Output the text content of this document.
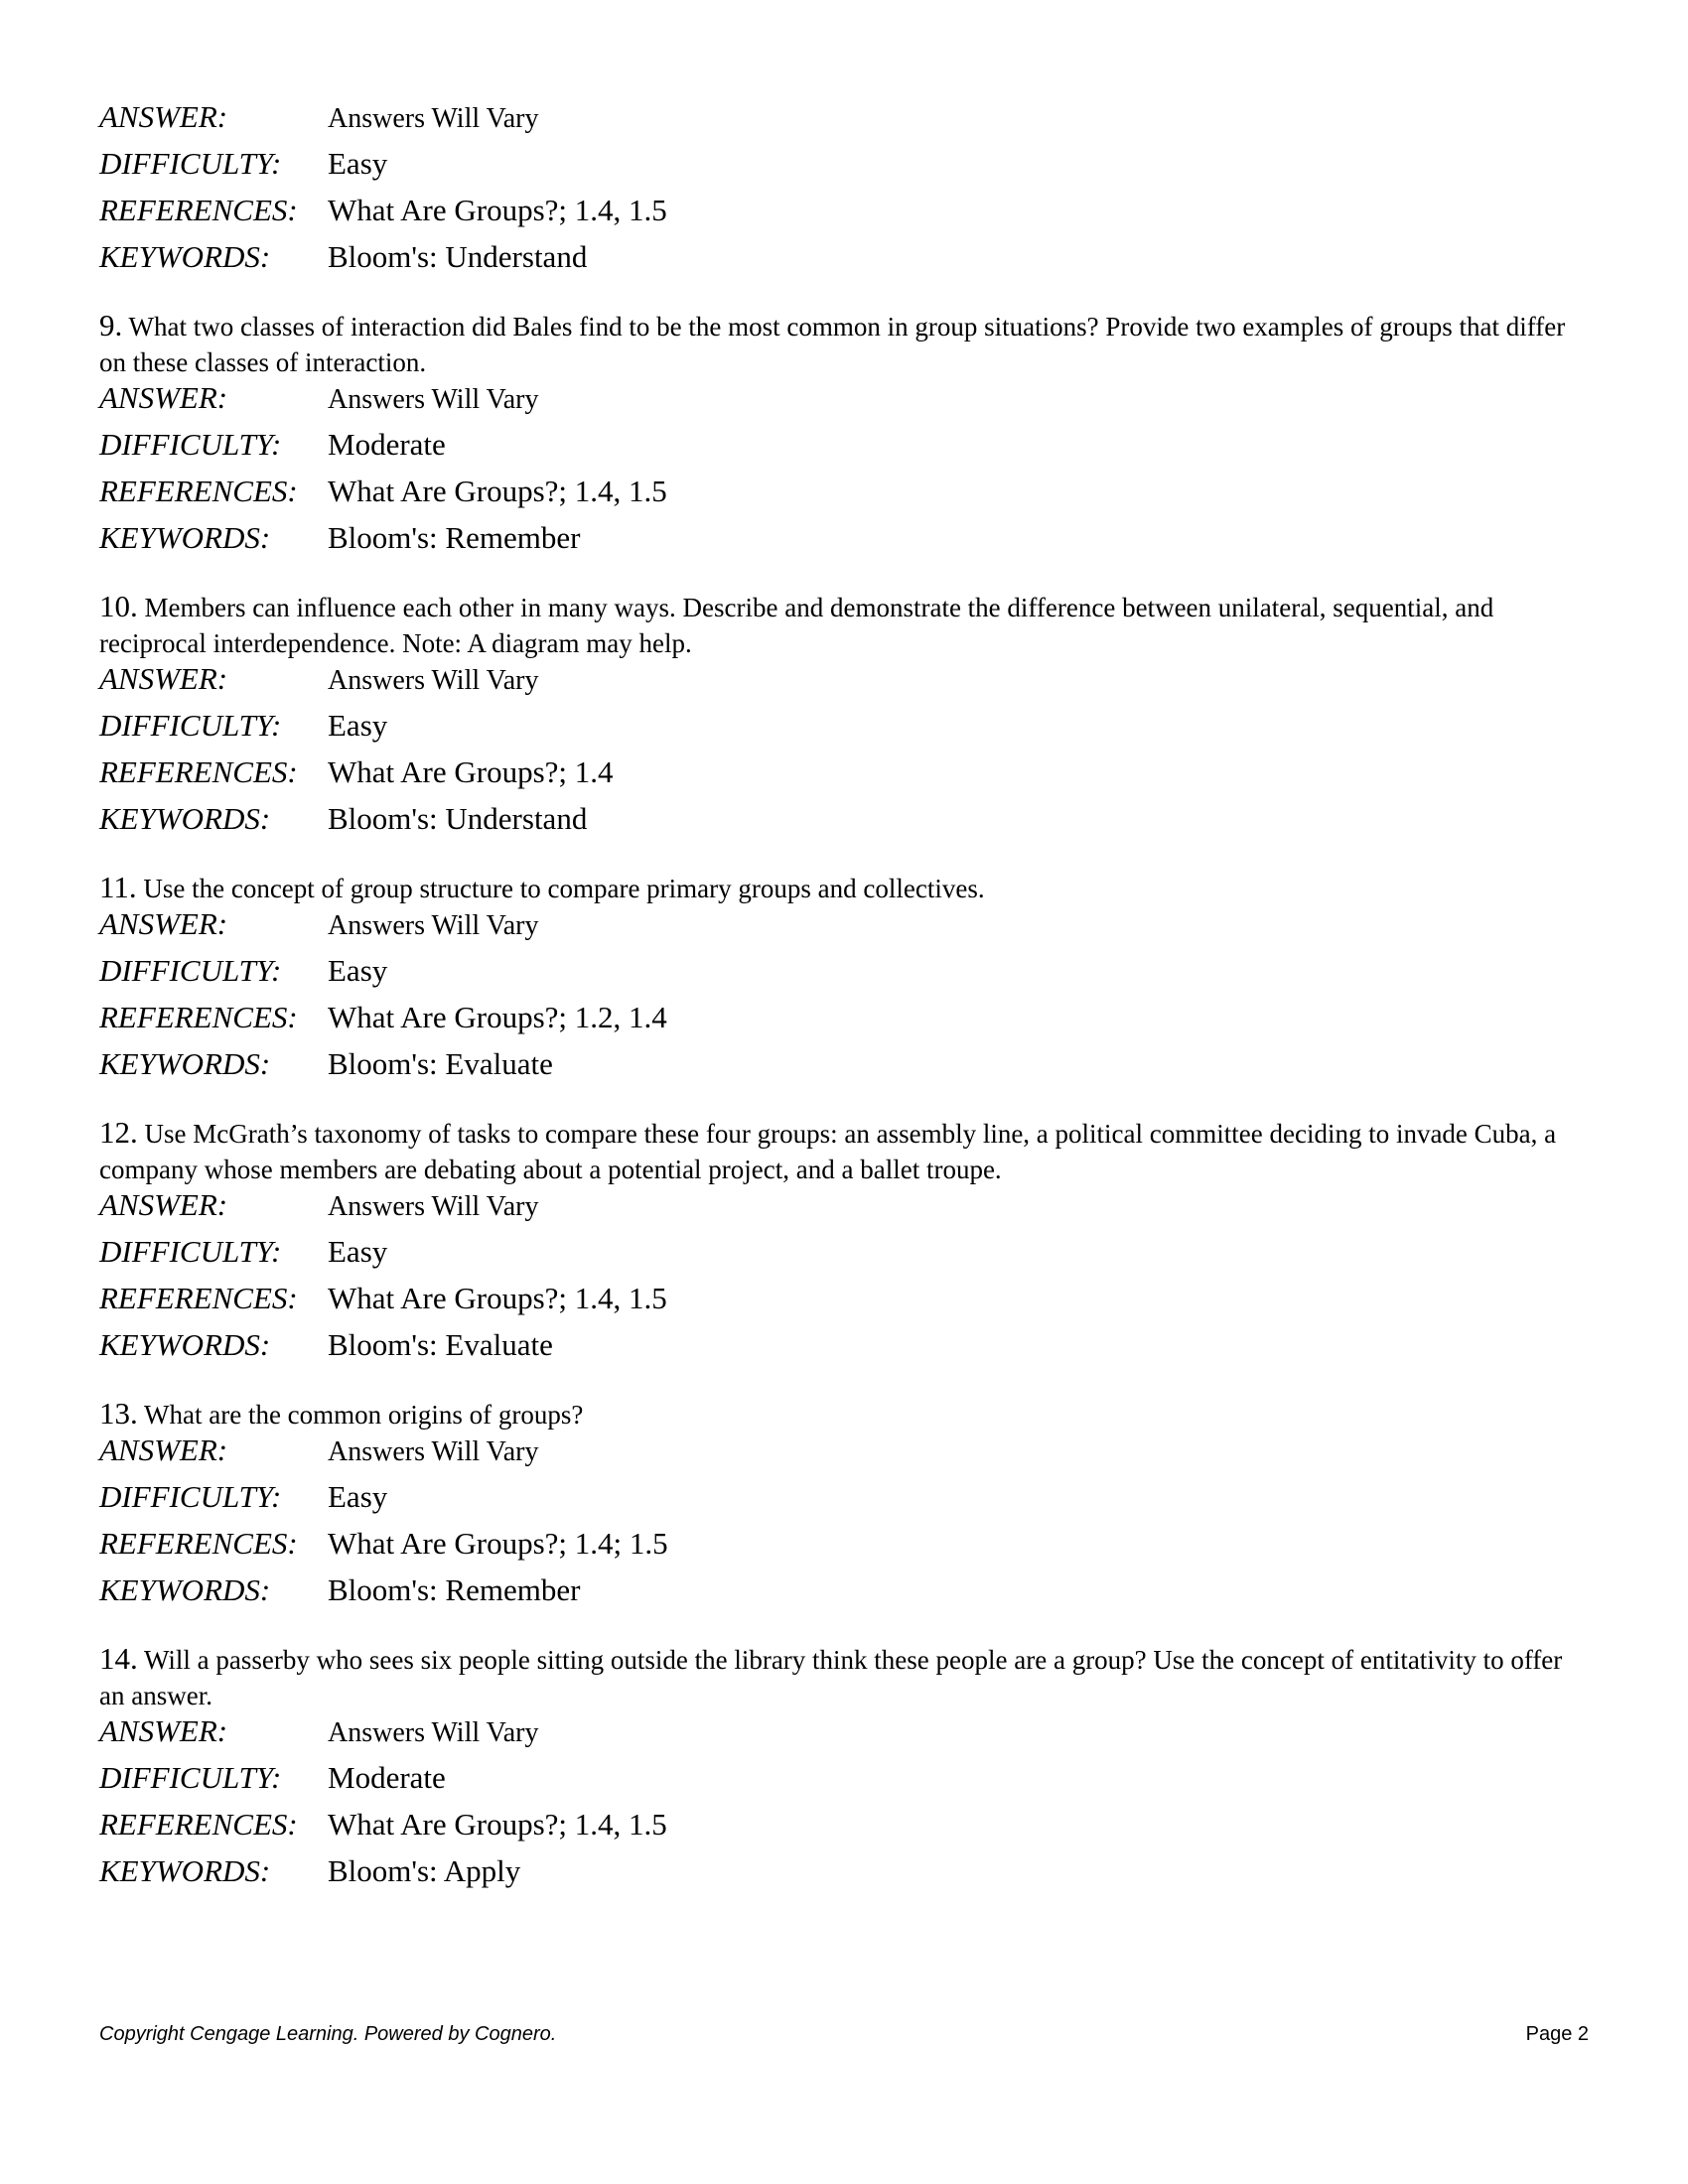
ANSWER:	Answers Will Vary
DIFFICULTY:	Easy
REFERENCES: What Are Groups?; 1.4, 1.5
KEYWORDS:	Bloom's: Understand

9. What two classes of interaction did Bales find to be the most common in group situations? Provide two examples of groups that differ on these classes of interaction.

ANSWER:	Answers Will Vary
DIFFICULTY:	Moderate
REFERENCES: What Are Groups?; 1.4, 1.5
KEYWORDS:	Bloom's: Remember

10. Members can influence each other in many ways. Describe and demonstrate the difference between unilateral, sequential, and reciprocal interdependence. Note: A diagram may help.

ANSWER:	Answers Will Vary
DIFFICULTY:	Easy
REFERENCES: What Are Groups?; 1.4
KEYWORDS:	Bloom's: Understand

11. Use the concept of group structure to compare primary groups and collectives.

ANSWER:	Answers Will Vary
DIFFICULTY:	Easy
REFERENCES: What Are Groups?; 1.2, 1.4
KEYWORDS:	Bloom's: Evaluate

12. Use McGrath’s taxonomy of tasks to compare these four groups: an assembly line, a political committee deciding to invade Cuba, a company whose members are debating about a potential project, and a ballet troupe.

ANSWER:	Answers Will Vary
DIFFICULTY:	Easy
REFERENCES: What Are Groups?; 1.4, 1.5
KEYWORDS:	Bloom's: Evaluate

13. What are the common origins of groups?

ANSWER:	Answers Will Vary
DIFFICULTY:	Easy
REFERENCES: What Are Groups?; 1.4; 1.5
KEYWORDS:	Bloom's: Remember

14. Will a passerby who sees six people sitting outside the library think these people are a group? Use the concept of entitativity to offer an answer.

ANSWER:	Answers Will Vary
DIFFICULTY:	Moderate
REFERENCES: What Are Groups?; 1.4, 1.5
KEYWORDS:	Bloom's: Apply
Copyright Cengage Learning. Powered by Cognero.	Page 2
